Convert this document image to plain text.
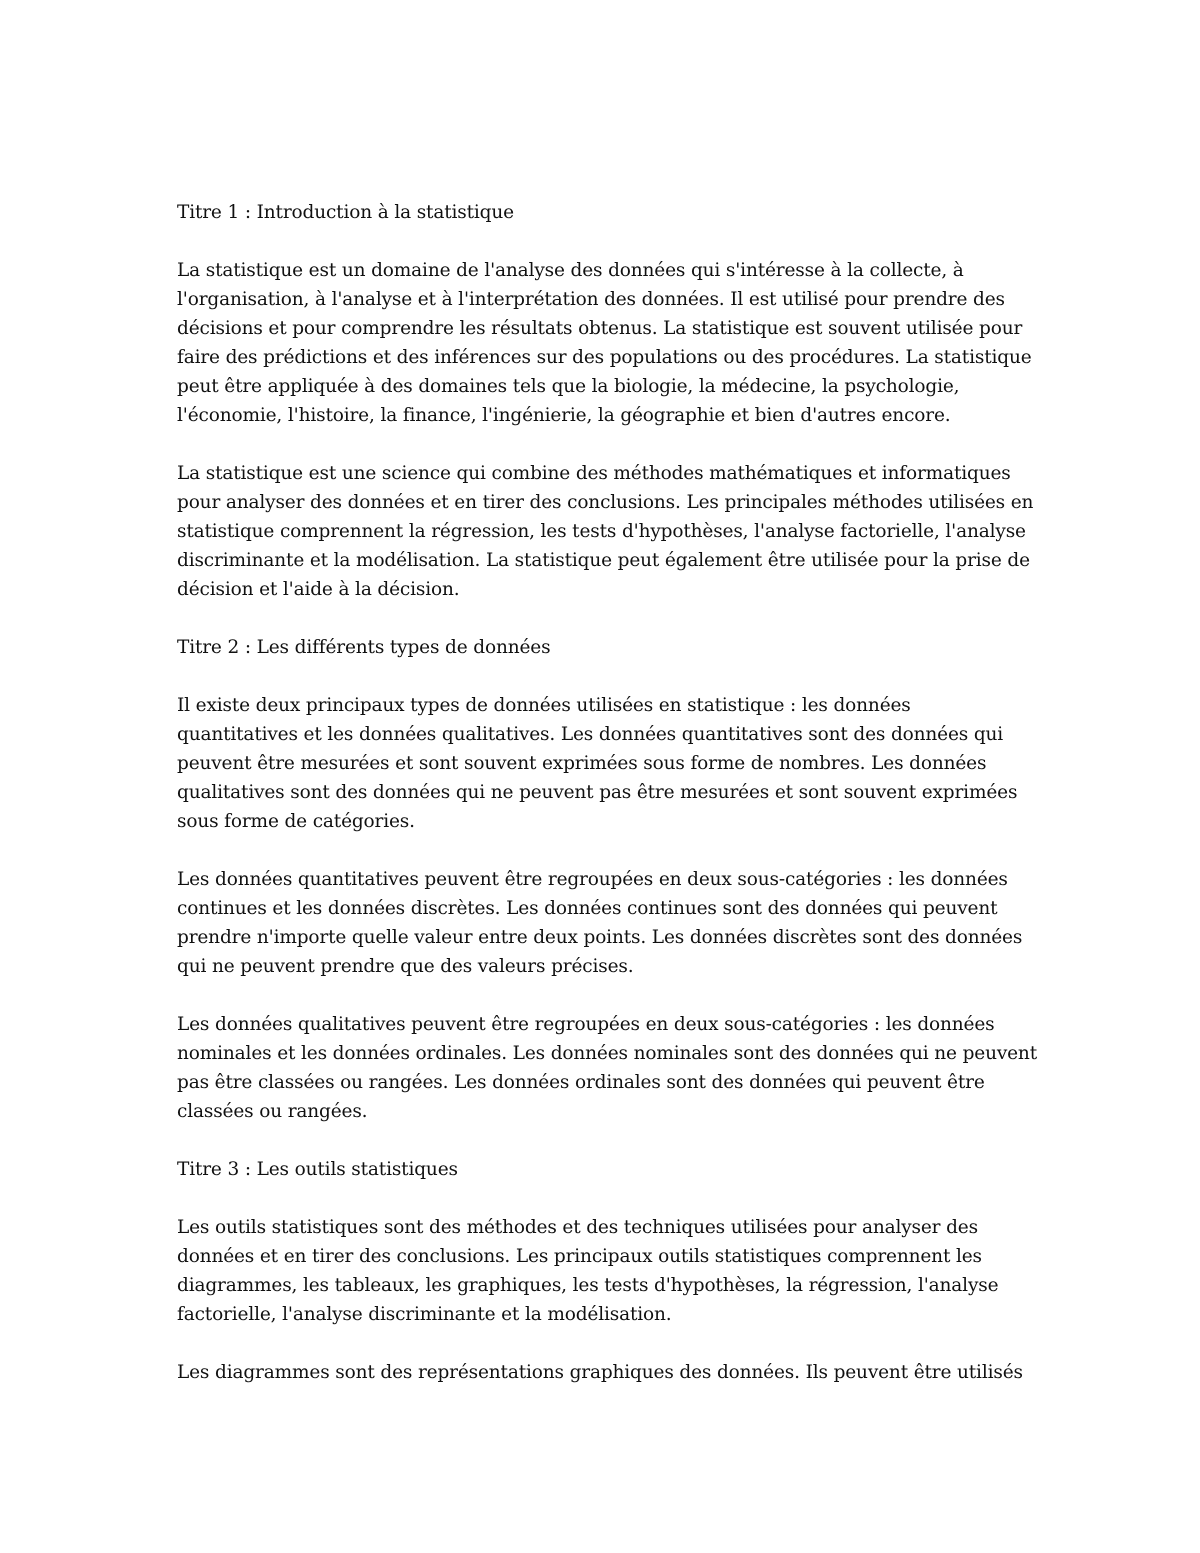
Titre 1 : Introduction à la statistique

La statistique est un domaine de l'analyse des données qui s'intéresse à la collecte, à l'organisation, à l'analyse et à l'interprétation des données. Il est utilisé pour prendre des décisions et pour comprendre les résultats obtenus. La statistique est souvent utilisée pour faire des prédictions et des inférences sur des populations ou des procédures. La statistique peut être appliquée à des domaines tels que la biologie, la médecine, la psychologie, l'économie, l'histoire, la finance, l'ingénierie, la géographie et bien d'autres encore.

La statistique est une science qui combine des méthodes mathématiques et informatiques pour analyser des données et en tirer des conclusions. Les principales méthodes utilisées en statistique comprennent la régression, les tests d'hypothèses, l'analyse factorielle, l'analyse discriminante et la modélisation. La statistique peut également être utilisée pour la prise de décision et l'aide à la décision.

Titre 2 : Les différents types de données

Il existe deux principaux types de données utilisées en statistique : les données quantitatives et les données qualitatives. Les données quantitatives sont des données qui peuvent être mesurées et sont souvent exprimées sous forme de nombres. Les données qualitatives sont des données qui ne peuvent pas être mesurées et sont souvent exprimées sous forme de catégories.

Les données quantitatives peuvent être regroupées en deux sous-catégories : les données continues et les données discrètes. Les données continues sont des données qui peuvent prendre n'importe quelle valeur entre deux points. Les données discrètes sont des données qui ne peuvent prendre que des valeurs précises.

Les données qualitatives peuvent être regroupées en deux sous-catégories : les données nominales et les données ordinales. Les données nominales sont des données qui ne peuvent pas être classées ou rangées. Les données ordinales sont des données qui peuvent être classées ou rangées.

Titre 3 : Les outils statistiques

Les outils statistiques sont des méthodes et des techniques utilisées pour analyser des données et en tirer des conclusions. Les principaux outils statistiques comprennent les diagrammes, les tableaux, les graphiques, les tests d'hypothèses, la régression, l'analyse factorielle, l'analyse discriminante et la modélisation.

Les diagrammes sont des représentations graphiques des données. Ils peuvent être utilisés
